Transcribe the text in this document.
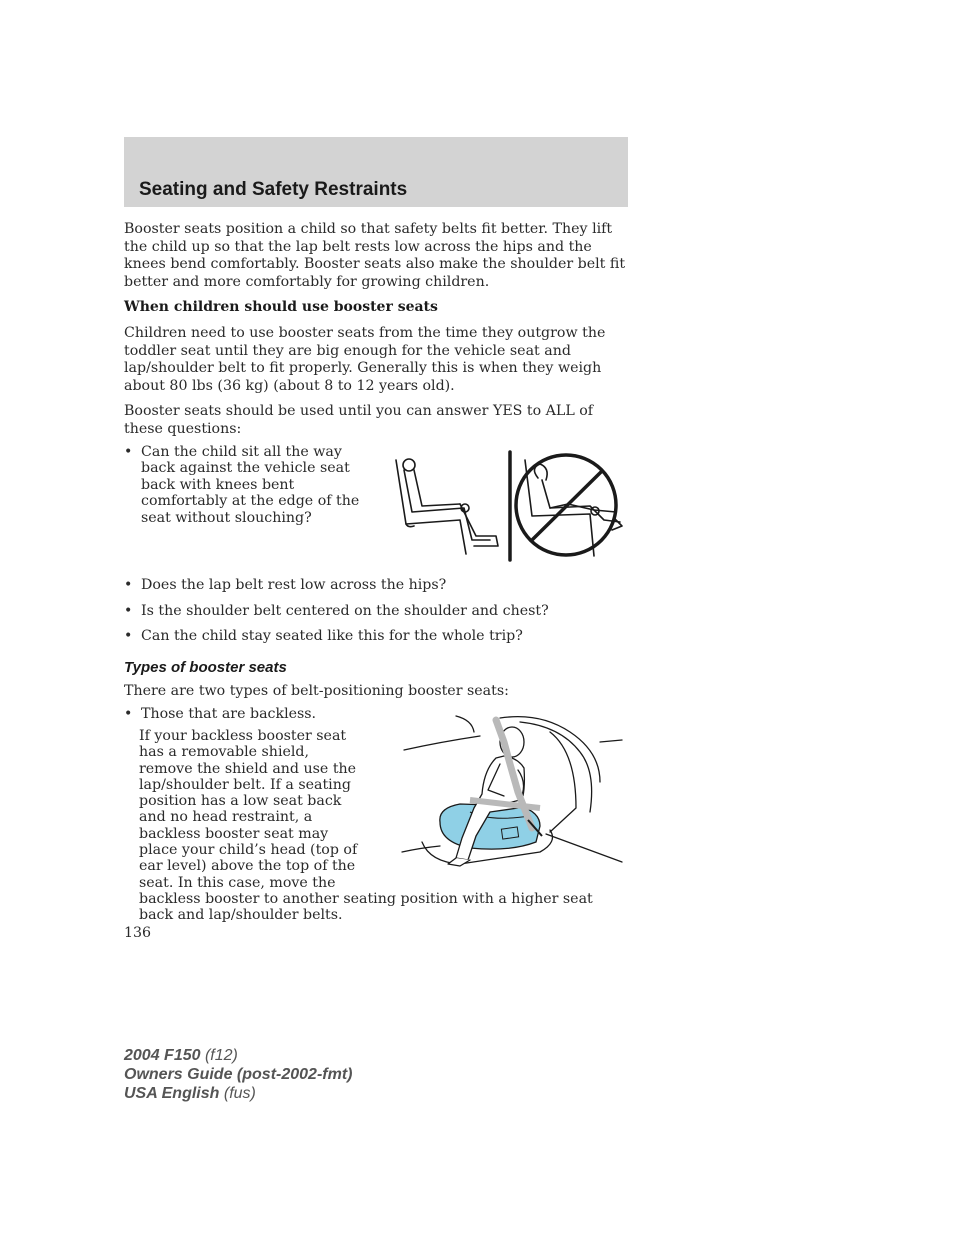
Seating and Safety Restraints

Booster seats position a child so that safety belts fit better. They lift the child up so that the lap belt rests low across the hips and the knees bend comfortably. Booster seats also make the shoulder belt fit better and more comfortably for growing children.

When children should use booster seats

Children need to use booster seats from the time they outgrow the toddler seat until they are big enough for the vehicle seat and lap/shoulder belt to fit properly. Generally this is when they weigh about 80 lbs (36 kg) (about 8 to 12 years old).

Booster seats should be used until you can answer YES to ALL of these questions:

• Can the child sit all the way back against the vehicle seat back with knees bent comfortably at the edge of the seat without slouching?
• Does the lap belt rest low across the hips?
• Is the shoulder belt centered on the shoulder and chest?
• Can the child stay seated like this for the whole trip?

Types of booster seats

There are two types of belt-positioning booster seats:

• Those that are backless.
If your backless booster seat has a removable shield, remove the shield and use the lap/shoulder belt. If a seating position has a low seat back and no head restraint, a backless booster seat may place your child’s head (top of ear level) above the top of the seat. In this case, move the backless booster to another seating position with a higher seat back and lap/shoulder belts.
136
2004 F150 (f12)
Owners Guide (post-2002-fmt)
USA English (fus)
